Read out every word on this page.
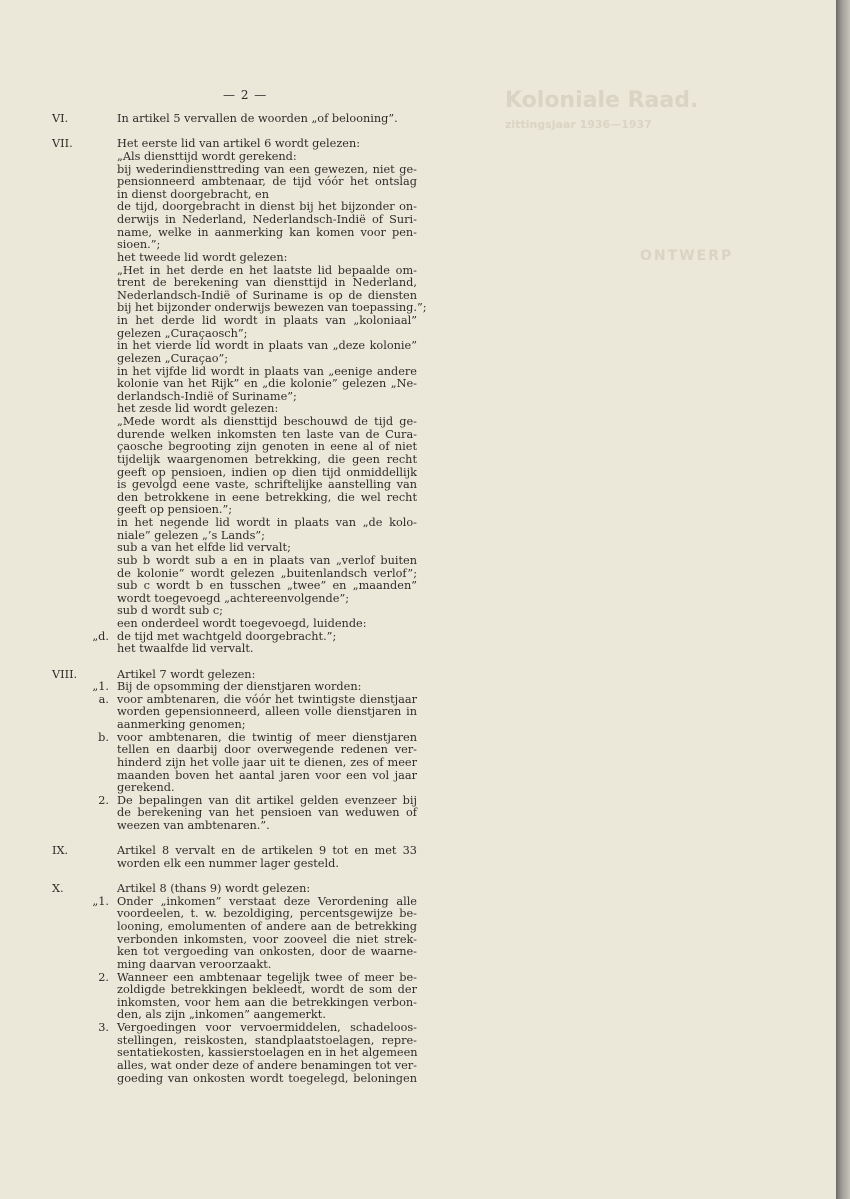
Koloniale Raad.
zittingsjaar 1936—1937
ONTWERP
— 2 —
VI.	In artikel 5 vervallen de woorden „of belooning”.
VII.	Het eerste lid van artikel 6 wordt gelezen:
„Als diensttijd wordt gerekend:
bij wederindiensttreding van een gewezen, niet ge-
pensionneerd ambtenaar, de tijd vóór het ontslag
in dienst doorgebracht, en
de tijd, doorgebracht in dienst bij het bijzonder on-
derwijs in Nederland, Nederlandsch-Indië of Suri-
name, welke in aanmerking kan komen voor pen-
sioen.”;
het tweede lid wordt gelezen:
„Het in het derde en het laatste lid bepaalde om-
trent de berekening van diensttijd in Nederland,
Nederlandsch-Indië of Suriname is op de diensten
bij het bijzonder onderwijs bewezen van toepassing.”;
in het derde lid wordt in plaats van „koloniaal”
gelezen „Curaçaosch”;
in het vierde lid wordt in plaats van „deze kolonie”
gelezen „Curaçao”;
in het vijfde lid wordt in plaats van „eenige andere
kolonie van het Rijk” en „die kolonie” gelezen „Ne-
derlandsch-Indië of Suriname”;
het zesde lid wordt gelezen:
„Mede wordt als diensttijd beschouwd de tijd ge-
durende welken inkomsten ten laste van de Cura-
çaosche begrooting zijn genoten in eene al of niet
tijdelijk waargenomen betrekking, die geen recht
geeft op pensioen, indien op dien tijd onmiddellijk
is gevolgd eene vaste, schriftelijke aanstelling van
den betrokkene in eene betrekking, die wel recht
geeft op pensioen.”;
in het negende lid wordt in plaats van „de kolo-
niale” gelezen „’s Lands”;
sub a van het elfde lid vervalt;
sub b wordt sub a en in plaats van „verlof buiten
de kolonie” wordt gelezen „buitenlandsch verlof”;
sub c wordt b en tusschen „twee” en „maanden”
wordt toegevoegd „achtereenvolgende”;
sub d wordt sub c;
een onderdeel wordt toegevoegd, luidende:
„d. de tijd met wachtgeld doorgebracht.”;
het twaalfde lid vervalt.
VIII.	Artikel 7 wordt gelezen:
„1. Bij de opsomming der dienstjaren worden:
a. voor ambtenaren, die vóór het twintigste dienstjaar
worden gepensionneerd, alleen volle dienstjaren in
aanmerking genomen;
b. voor ambtenaren, die twintig of meer dienstjaren
tellen en daarbij door overwegende redenen ver-
hinderd zijn het volle jaar uit te dienen, zes of meer
maanden boven het aantal jaren voor een vol jaar
gerekend.
2. De bepalingen van dit artikel gelden evenzeer bij
de berekening van het pensioen van weduwen of
weezen van ambtenaren.”.
IX.	Artikel 8 vervalt en de artikelen 9 tot en met 33
worden elk een nummer lager gesteld.
X.	Artikel 8 (thans 9) wordt gelezen:
„1. Onder „inkomen” verstaat deze Verordening alle
voordeelen, t. w. bezoldiging, percentsgewijze be-
looning, emolumenten of andere aan de betrekking
verbonden inkomsten, voor zooveel die niet strek-
ken tot vergoeding van onkosten, door de waarne-
ming daarvan veroorzaakt.
2. Wanneer een ambtenaar tegelijk twee of meer be-
zoldigde betrekkingen bekleedt, wordt de som der
inkomsten, voor hem aan die betrekkingen verbon-
den, als zijn „inkomen” aangemerkt.
3. Vergoedingen voor vervoermiddelen, schadeloos-
stellingen, reiskosten, standplaatstoelagen, repre-
sentatiekosten, kassierstoelagen en in het algemeen
alles, wat onder deze of andere benamingen tot ver-
goeding van onkosten wordt toegelegd, beloningen
